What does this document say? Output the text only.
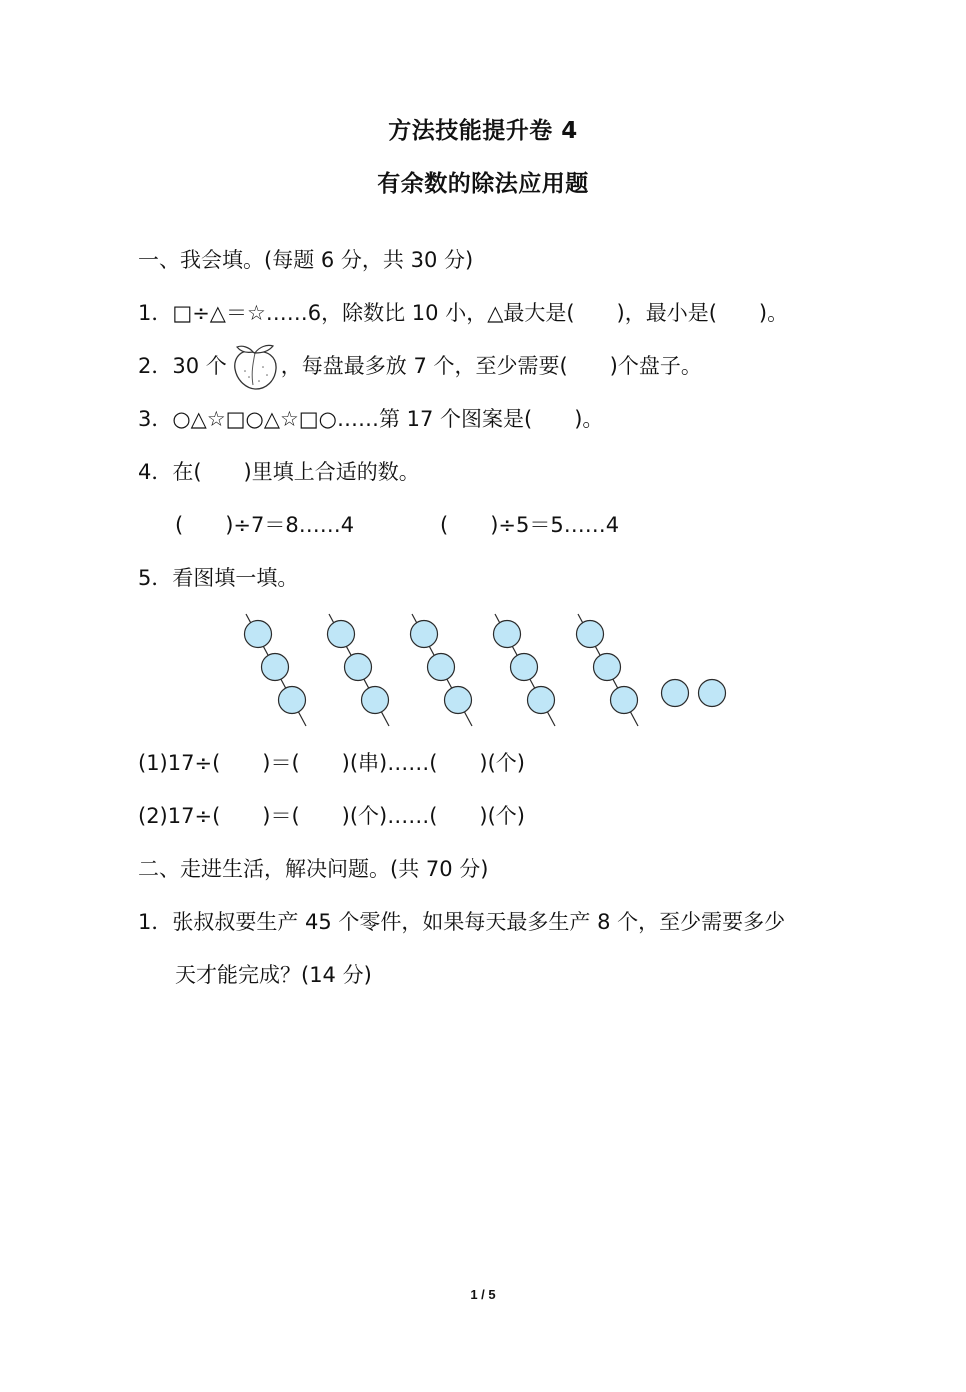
方法技能提升卷 4
有余数的除法应用题
一、我会填。(每题 6 分，共 30 分)
1．□÷△＝☆……6，除数比 10 小，△最大是(　　)，最小是(　　)。
2．30 个	，每盘最多放 7 个，至少需要(　　)个盘子。
3．○△☆□○△☆□○……第 17 个图案是(　　)。
4．在(　　)里填上合适的数。
(　　)÷7＝8……4	(　　)÷5＝5……4
5．看图填一填。
(1)17÷(　　)＝(　　)(串)……(　　)(个)
(2)17÷(　　)＝(　　)(个)……(　　)(个)
二、走进生活，解决问题。(共 70 分)
1．张叔叔要生产 45 个零件，如果每天最多生产 8 个，至少需要多少
天才能完成？(14 分)
1 / 5
